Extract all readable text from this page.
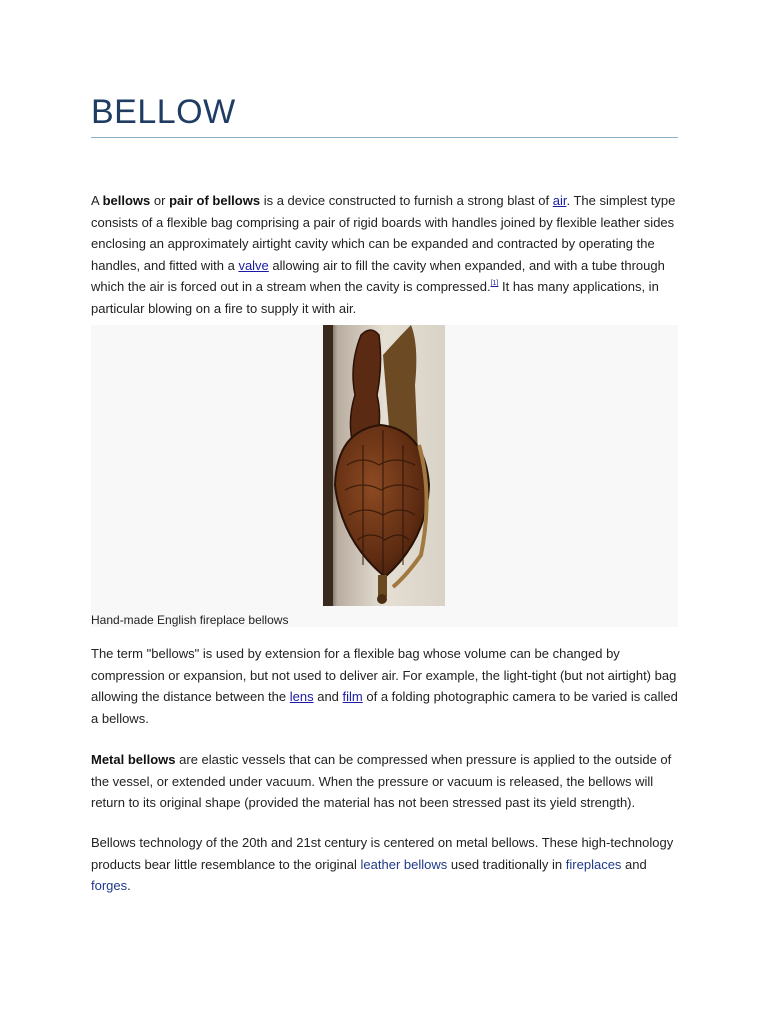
BELLOW

A bellows or pair of bellows is a device constructed to furnish a strong blast of air. The simplest type consists of a flexible bag comprising a pair of rigid boards with handles joined by flexible leather sides enclosing an approximately airtight cavity which can be expanded and contracted by operating the handles, and fitted with a valve allowing air to fill the cavity when expanded, and with a tube through which the air is forced out in a stream when the cavity is compressed.[1] It has many applications, in particular blowing on a fire to supply it with air.

Hand-made English fireplace bellows

The term "bellows" is used by extension for a flexible bag whose volume can be changed by compression or expansion, but not used to deliver air. For example, the light-tight (but not airtight) bag allowing the distance between the lens and film of a folding photographic camera to be varied is called a bellows.

Metal bellows are elastic vessels that can be compressed when pressure is applied to the outside of the vessel, or extended under vacuum. When the pressure or vacuum is released, the bellows will return to its original shape (provided the material has not been stressed past its yield strength).

Bellows technology of the 20th and 21st century is centered on metal bellows. These high-technology products bear little resemblance to the original leather bellows used traditionally in fireplaces and forges.
